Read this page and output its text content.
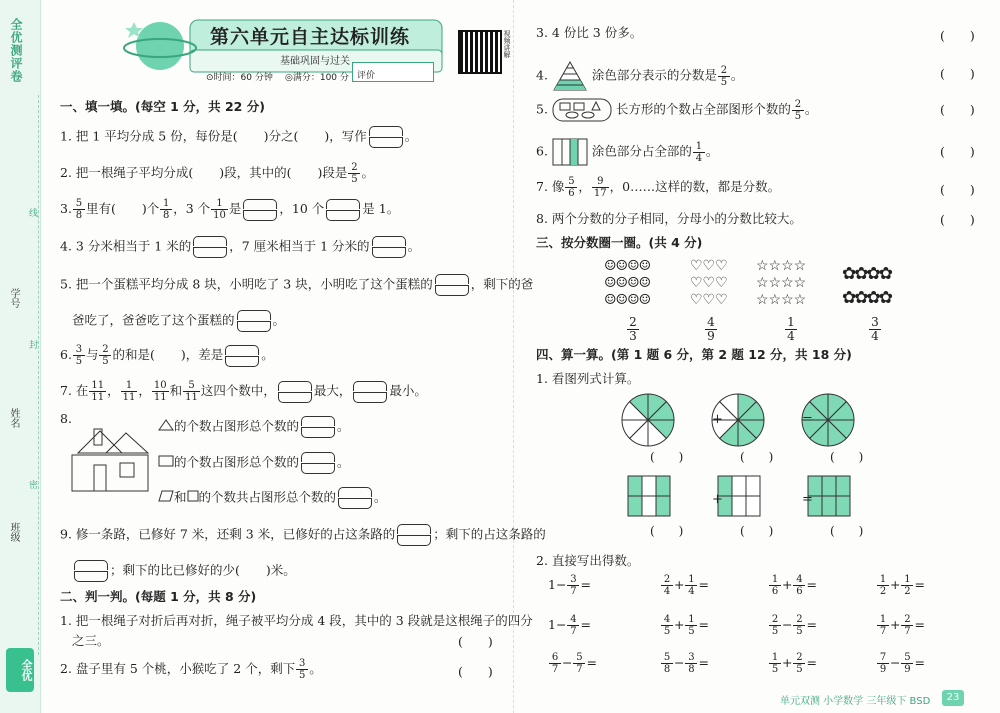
全优测评卷
线
封
密
学号
姓名
班级
全优
第六单元自主达标训练
基础巩固与过关
⊙时间：60 分钟 ◎满分：100 分 评价
视频讲解
一、填一填。(每空 1 分，共 22 分)
1. 把 1 平均分成 5 份，每份是( )分之( )，写作	。
2. 把一根绳子平均分成( )段，其中的( )段是 $\frac{2}{5}$ 。
3. $\frac{5}{8}$ 里有( )个 $\frac{1}{8}$ ，3 个 $\frac{1}{10}$ 是	，10 个	是 1。
4. 3 分米相当于 1 米的	，7 厘米相当于 1 分米的	。
5. 把一个蛋糕平均分成 8 块，小明吃了 3 块，小明吃了这个蛋糕的	，剩下的爸
爸吃了，爸爸吃了这个蛋糕的	。
6. $\frac{3}{5}$ 与 $\frac{2}{5}$ 的和是( )，差是	。
7. 在 $\frac{11}{11}$ ， $\frac{1}{11}$ ， $\frac{10}{11}$ 和 $\frac{5}{11}$ 这四个数中，	最大，	最小。
8.	的个数占图形总个数的	。
的个数占图形总个数的	。
和 的个数共占图形总个数的	。
9. 修一条路，已修好 7 米，还剩 3 米，已修好的占这条路的	；剩下的占这条路的
；剩下的比已修好的少( )米。
二、判一判。(每题 1 分，共 8 分)
1. 把一根绳子对折后再对折，绳子被平均分成 4 段，其中的 3 段就是这根绳子的四分
之三。	(　　)
2. 盘子里有 5 个桃，小猴吃了 2 个，剩下 $\frac{3}{5}$ 。	(　　)
3. 4 份比 3 份多。	(　　)
4.	涂色部分表示的分数是 $\frac{2}{5}$ 。	(　　)
5.	长方形的个数占全部图形个数的 $\frac{2}{5}$ 。	(　　)
6.	涂色部分占全部的 $\frac{1}{4}$ 。	(　　)
7. 像 $\frac{5}{6}$ ， $\frac{9}{17}$ ，0……这样的数，都是分数。	(　　)
8. 两个分数的分子相同，分母小的分数比较大。	(　　)
三、按分数圈一圈。(共 4 分)
☺☺☺☺
☺☺☺☺
☺☺☺☺
♡♡♡
♡♡♡
♡♡♡
☆☆☆☆
☆☆☆☆
☆☆☆☆
✿✿✿✿
✿✿✿✿
$\frac{2}{3}$	$\frac{4}{9}$	$\frac{1}{4}$	$\frac{3}{4}$
四、算一算。(第 1 题 6 分，第 2 题 12 分，共 18 分)
1. 看图列式计算。
+	=
+	=
(　　)	(　　)	(　　)
(　　)	(　　)	(　　)
2. 直接写出得数。
$1- \frac{3}{7}$ =	$\frac{2}{4} + \frac{1}{4}$ =	$\frac{1}{6} + \frac{4}{6}$ =	$\frac{1}{2} + \frac{1}{2}$ =
$1- \frac{4}{7}$ =	$\frac{4}{5} + \frac{1}{5}$ =	$\frac{2}{5} - \frac{2}{5}$ =	$\frac{1}{7} + \frac{2}{7}$ =
$\frac{6}{7} - \frac{5}{7}$ =	$\frac{5}{8} - \frac{3}{8}$ =	$\frac{1}{5} + \frac{2}{5}$ =	$\frac{7}{9} - \frac{5}{9}$ =
单元双测 小学数学 三年级下 BSD	23
